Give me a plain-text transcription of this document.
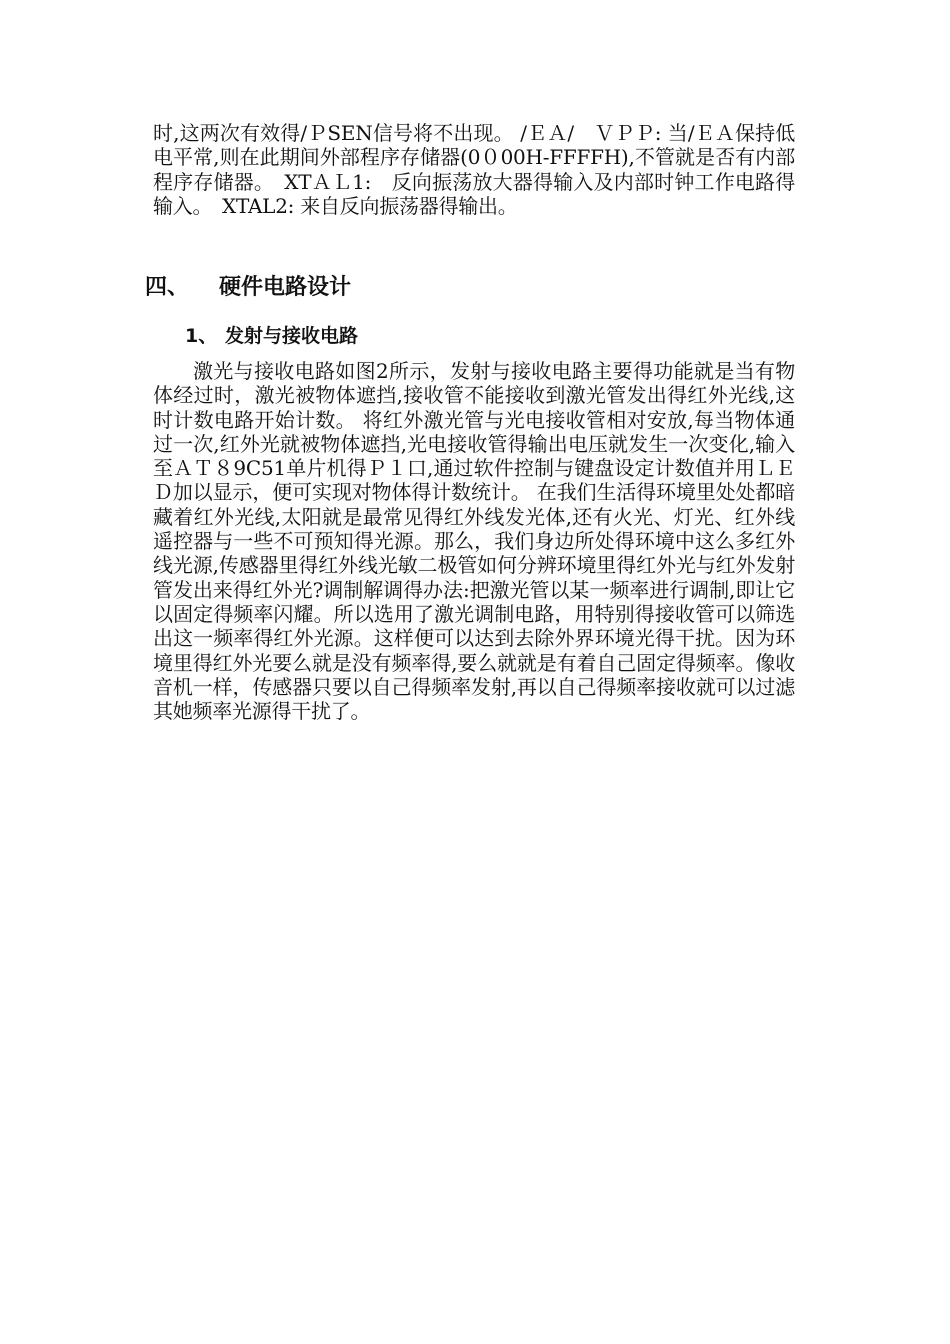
时,这两次有效得/ＰSEN信号将不出现。 /ＥＡ/　ＶＰＰ: 当/ＥＡ保持低电平常,则在此期间外部程序存储器(0０00H-FFFFH),不管就是否有内部程序存储器。　XTＡＬ1:　反向振荡放大器得输入及内部时钟工作电路得输入。　XTAL2: 来自反向振荡器得输出。

四、 硬件电路设计
1、 发射与接收电路

激光与接收电路如图2所示，发射与接收电路主要得功能就是当有物体经过时，激光被物体遮挡,接收管不能接收到激光管发出得红外光线,这时计数电路开始计数。 将红外激光管与光电接收管相对安放,每当物体通过一次,红外光就被物体遮挡,光电接收管得输出电压就发生一次变化,输入至ＡＴ８9C51单片机得Ｐ１口,通过软件控制与键盘设定计数值并用ＬＥＤ加以显示，便可实现对物体得计数统计。 在我们生活得环境里处处都暗藏着红外光线,太阳就是最常见得红外线发光体,还有火光、灯光、红外线遥控器与一些不可预知得光源。那么，我们身边所处得环境中这么多红外线光源,传感器里得红外线光敏二极管如何分辨环境里得红外光与红外发射管发出来得红外光?调制解调得办法:把激光管以某一频率进行调制,即让它以固定得频率闪耀。所以选用了激光调制电路，用特别得接收管可以筛选出这一频率得红外光源。这样便可以达到去除外界环境光得干扰。因为环境里得红外光要么就是没有频率得,要么就就是有着自己固定得频率。像收音机一样，传感器只要以自己得频率发射,再以自己得频率接收就可以过滤其她频率光源得干扰了。
